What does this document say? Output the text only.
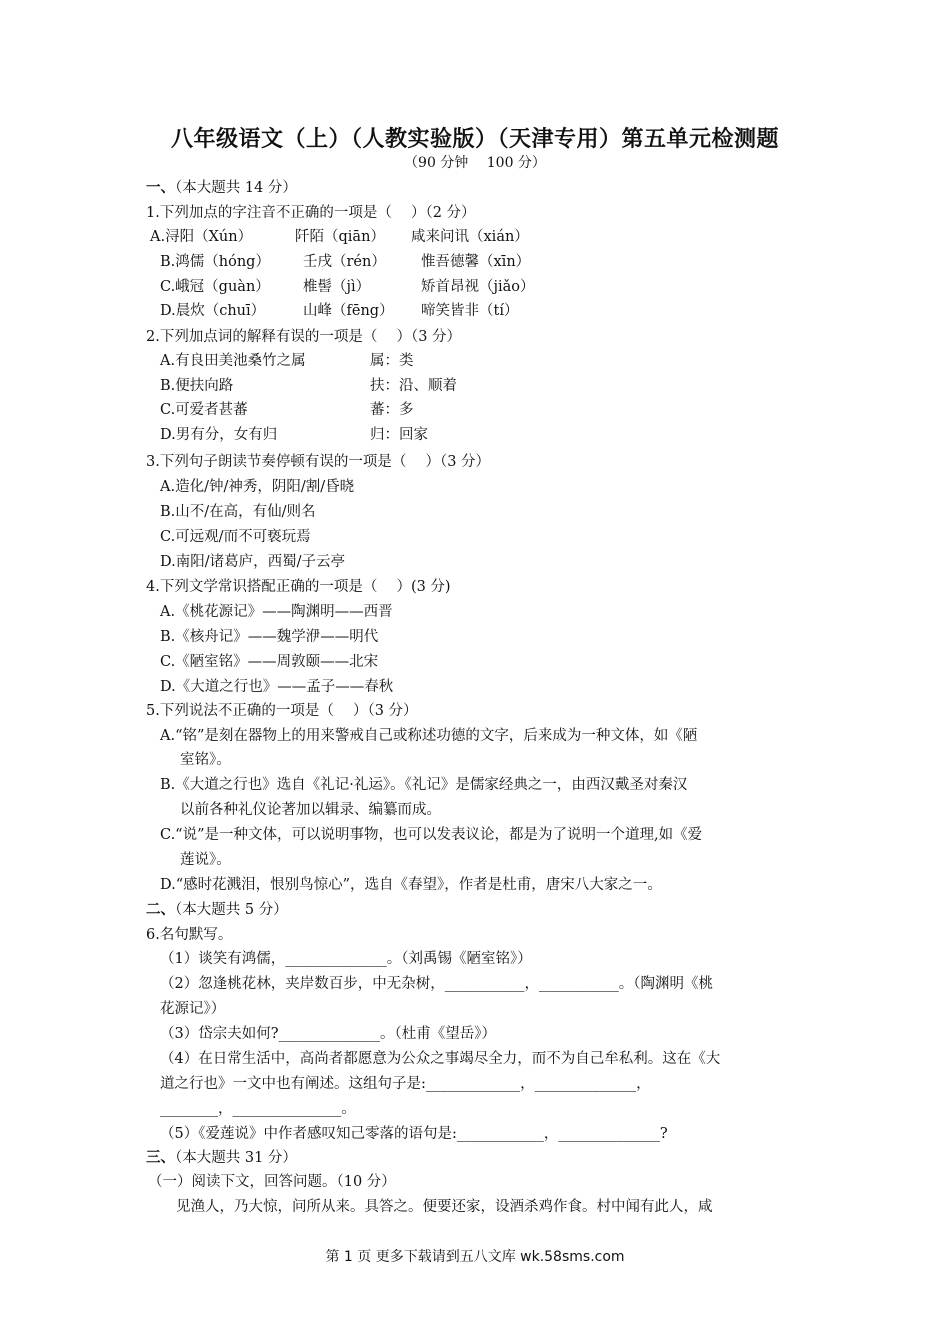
八年级语文（上）（人教实验版）（天津专用）第五单元检测题
（90 分钟 　100 分）
一、（本大题共 14 分）
1.下列加点的字注音不正确的一项是（　 ）（2 分）
A.浔阳（Xún）	阡陌（qiān） 咸来问讯（xián）
B.鸿儒（hóng） 壬戌（rén） 惟吾德馨（xīn）
C.峨冠（guàn） 椎髻（jì）	矫首昂视（jiǎo）
D.晨炊（chuī）	山峰（fēng） 啼笑皆非（tí）
2.下列加点词的解释有误的一项是（　 ）（3 分）
A.有良田美池桑竹之属	属：类
B.便扶向路	扶：沿、顺着
C.可爱者甚蕃	蕃：多
D.男有分，女有归	归：回家
3.下列句子朗读节奏停顿有误的一项是（　 ）（3 分）
A.造化/钟/神秀，阴阳/割/昏晓
B.山不/在高，有仙/则名
C.可远观/而不可亵玩焉
D.南阳/诸葛庐，西蜀/子云亭
4.下列文学常识搭配正确的一项是（　 ）(3 分)
A.《桃花源记》——陶渊明——西晋
B.《核舟记》——魏学洢——明代
C.《陋室铭》——周敦颐——北宋
D.《大道之行也》——孟子——春秋
5.下列说法不正确的一项是（　 ）（3 分）
A.“铭”是刻在器物上的用来警戒自己或称述功德的文字，后来成为一种文体，如《陋
室铭》。
B.《大道之行也》选自《礼记·礼运》。《礼记》是儒家经典之一，由西汉戴圣对秦汉
以前各种礼仪论著加以辑录、编纂而成。
C.“说”是一种文体，可以说明事物，也可以发表议论，都是为了说明一个道理,如《爱
莲说》。
D.“感时花溅泪，恨别鸟惊心”，选自《春望》，作者是杜甫，唐宋八大家之一。
二、（本大题共 5 分）
6.名句默写。
（1）谈笑有鸿儒，______________。（刘禹锡《陋室铭》）
（2）忽逢桃花林，夹岸数百步，中无杂树，___________，___________。（陶渊明《桃
花源记》）
（3）岱宗夫如何?______________。（杜甫《望岳》）
（4）在日常生活中，高尚者都愿意为公众之事竭尽全力，而不为自己牟私利。这在《大
道之行也》一文中也有阐述。这组句子是:_____________，______________，
________，_______________。
（5）《爱莲说》中作者感叹知己零落的语句是:____________，______________?
三、（本大题共 31 分）
（一）阅读下文，回答问题。（10 分）
见渔人，乃大惊，问所从来。具答之。便要还家，设酒杀鸡作食。村中闻有此人，咸
第 1 页 更多下载请到五八文库 wk.58sms.com
